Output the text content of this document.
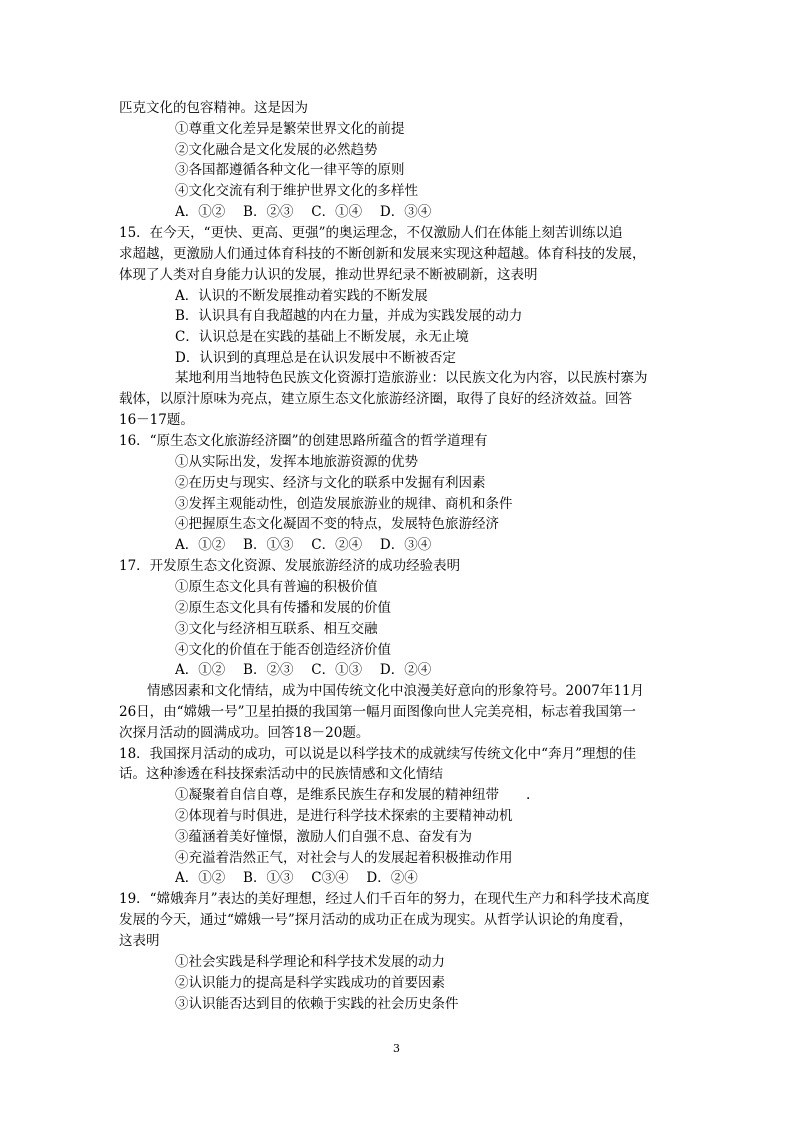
匹克文化的包容精神。这是因为
①尊重文化差异是繁荣世界文化的前提
②文化融合是文化发展的必然趋势
③各国都遵循各种文化一律平等的原则
④文化交流有利于维护世界文化的多样性
A．①②　 B．②③　 C．①④　 D．③④
15．在今天，“更快、更高、更强”的奥运理念，不仅激励人们在体能上刻苦训练以追
求超越，更激励人们通过体育科技的不断创新和发展来实现这种超越。体育科技的发展，
体现了人类对自身能力认识的发展，推动世界纪录不断被刷新，这表明
A．认识的不断发展推动着实践的不断发展
B．认识具有自我超越的内在力量，并成为实践发展的动力
C．认识总是在实践的基础上不断发展，永无止境
D．认识到的真理总是在认识发展中不断被否定
某地利用当地特色民族文化资源打造旅游业：以民族文化为内容，以民族村寨为
载体，以原汁原味为亮点，建立原生态文化旅游经济圈，取得了良好的经济效益。回答
16－17题。
16．“原生态文化旅游经济圈”的创建思路所蕴含的哲学道理有
①从实际出发，发挥本地旅游资源的优势
②在历史与现实、经济与文化的联系中发掘有利因素
③发挥主观能动性，创造发展旅游业的规律、商机和条件
④把握原生态文化凝固不变的特点，发展特色旅游经济
A．①②　 B．①③　 C．②④　 D．③④
17．开发原生态文化资源、发展旅游经济的成功经验表明
①原生态文化具有普遍的积极价值
②原生态文化具有传播和发展的价值
③文化与经济相互联系、相互交融
④文化的价值在于能否创造经济价值
A．①②　 B．②③　 C．①③　 D．②④
情感因素和文化情结，成为中国传统文化中浪漫美好意向的形象符号。2007年11月
26日，由“嫦娥一号”卫星拍摄的我国第一幅月面图像向世人完美亮相，标志着我国第一
次探月活动的圆满成功。回答18－20题。
18．我国探月活动的成功，可以说是以科学技术的成就续写传统文化中“奔月”理想的佳
话。这种渗透在科技探索活动中的民族情感和文化情结
①凝聚着自信自尊，是维系民族生存和发展的精神纽带　　.
②体现着与时俱进，是进行科学技术探索的主要精神动机
③蕴涵着美好憧憬，激励人们自强不息、奋发有为
④充溢着浩然正气，对社会与人的发展起着积极推动作用
A．①②　 B．①③　 C③④　 D．②④
19．“嫦娥奔月”表达的美好理想，经过人们千百年的努力，在现代生产力和科学技术高度
发展的今天，通过“嫦娥一号”探月活动的成功正在成为现实。从哲学认识论的角度看，
这表明
①社会实践是科学理论和科学技术发展的动力
②认识能力的提高是科学实践成功的首要因素
③认识能否达到目的依赖于实践的社会历史条件
3
